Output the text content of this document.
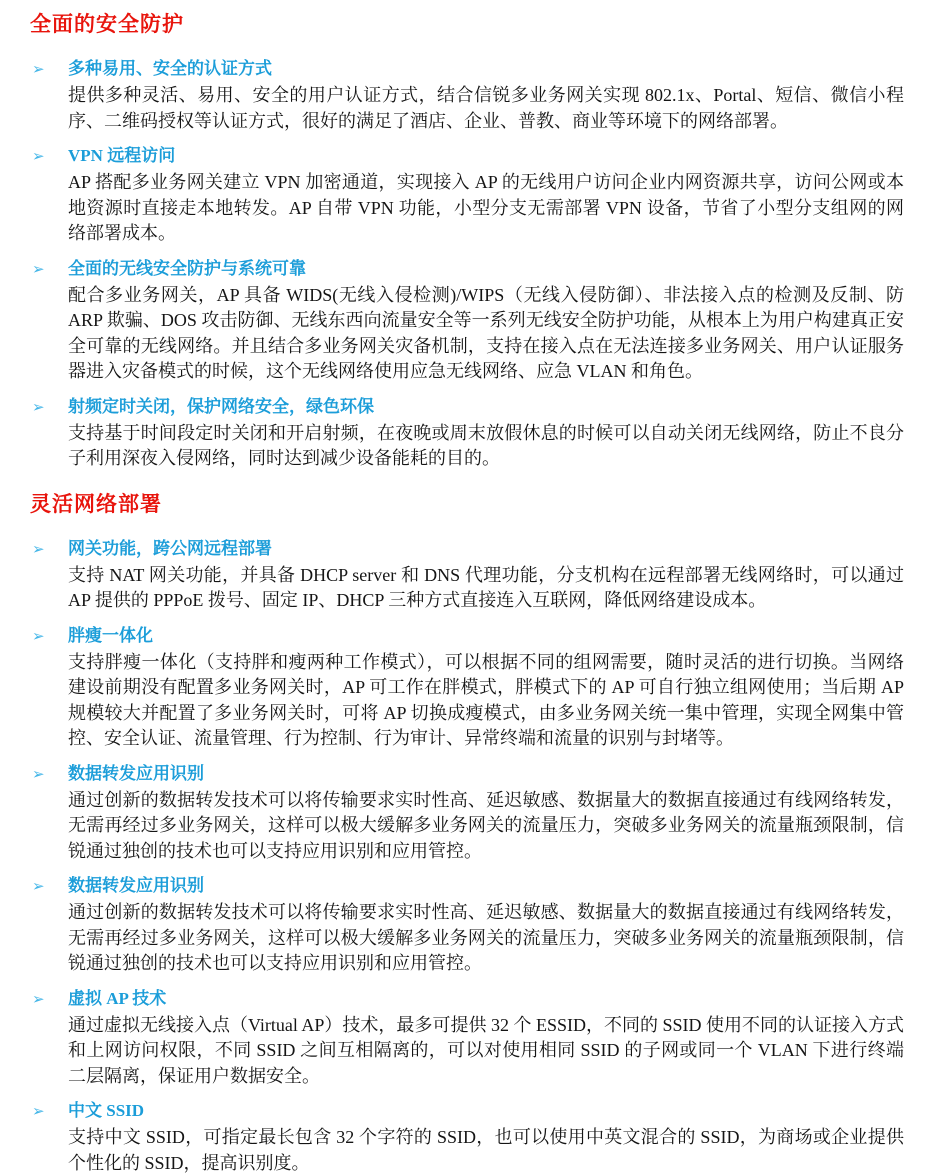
全面的安全防护
➢	多种易用、安全的认证方式

提供多种灵活、易用、安全的用户认证方式，结合信锐多业务网关实现 802.1x、Portal、短信、微信小程序、二维码授权等认证方式，很好的满足了酒店、企业、普教、商业等环境下的网络部署。

➢	VPN 远程访问

AP 搭配多业务网关建立 VPN 加密通道，实现接入 AP 的无线用户访问企业内网资源共享，访问公网或本地资源时直接走本地转发。AP 自带 VPN 功能，小型分支无需部署 VPN 设备，节省了小型分支组网的网络部署成本。

➢	全面的无线安全防护与系统可靠

配合多业务网关，AP 具备 WIDS(无线入侵检测)/WIPS（无线入侵防御）、非法接入点的检测及反制、防 ARP 欺骗、DOS 攻击防御、无线东西向流量安全等一系列无线安全防护功能，从根本上为用户构建真正安全可靠的无线网络。并且结合多业务网关灾备机制，支持在接入点在无法连接多业务网关、用户认证服务器进入灾备模式的时候，这个无线网络使用应急无线网络、应急 VLAN 和角色。

➢	射频定时关闭，保护网络安全，绿色环保

支持基于时间段定时关闭和开启射频，在夜晚或周末放假休息的时候可以自动关闭无线网络，防止不良分子利用深夜入侵网络，同时达到减少设备能耗的目的。

灵活网络部署
➢	网关功能，跨公网远程部署

支持 NAT 网关功能，并具备 DHCP server 和 DNS 代理功能，分支机构在远程部署无线网络时，可以通过 AP 提供的 PPPoE 拨号、固定 IP、DHCP 三种方式直接连入互联网，降低网络建设成本。

➢	胖瘦一体化

支持胖瘦一体化（支持胖和瘦两种工作模式），可以根据不同的组网需要，随时灵活的进行切换。当网络建设前期没有配置多业务网关时，AP 可工作在胖模式，胖模式下的 AP 可自行独立组网使用；当后期 AP 规模较大并配置了多业务网关时，可将 AP 切换成瘦模式，由多业务网关统一集中管理，实现全网集中管控、安全认证、流量管理、行为控制、行为审计、异常终端和流量的识别与封堵等。

➢	数据转发应用识别

通过创新的数据转发技术可以将传输要求实时性高、延迟敏感、数据量大的数据直接通过有线网络转发，无需再经过多业务网关，这样可以极大缓解多业务网关的流量压力，突破多业务网关的流量瓶颈限制，信锐通过独创的技术也可以支持应用识别和应用管控。

➢	数据转发应用识别

通过创新的数据转发技术可以将传输要求实时性高、延迟敏感、数据量大的数据直接通过有线网络转发，无需再经过多业务网关，这样可以极大缓解多业务网关的流量压力，突破多业务网关的流量瓶颈限制，信锐通过独创的技术也可以支持应用识别和应用管控。

➢	虚拟 AP 技术

通过虚拟无线接入点（Virtual AP）技术，最多可提供 32 个 ESSID，不同的 SSID 使用不同的认证接入方式和上网访问权限，不同 SSID 之间互相隔离的，可以对使用相同 SSID 的子网或同一个 VLAN 下进行终端二层隔离，保证用户数据安全。

➢	中文 SSID

支持中文 SSID，可指定最长包含 32 个字符的 SSID，也可以使用中英文混合的 SSID，为商场或企业提供个性化的 SSID，提高识别度。
